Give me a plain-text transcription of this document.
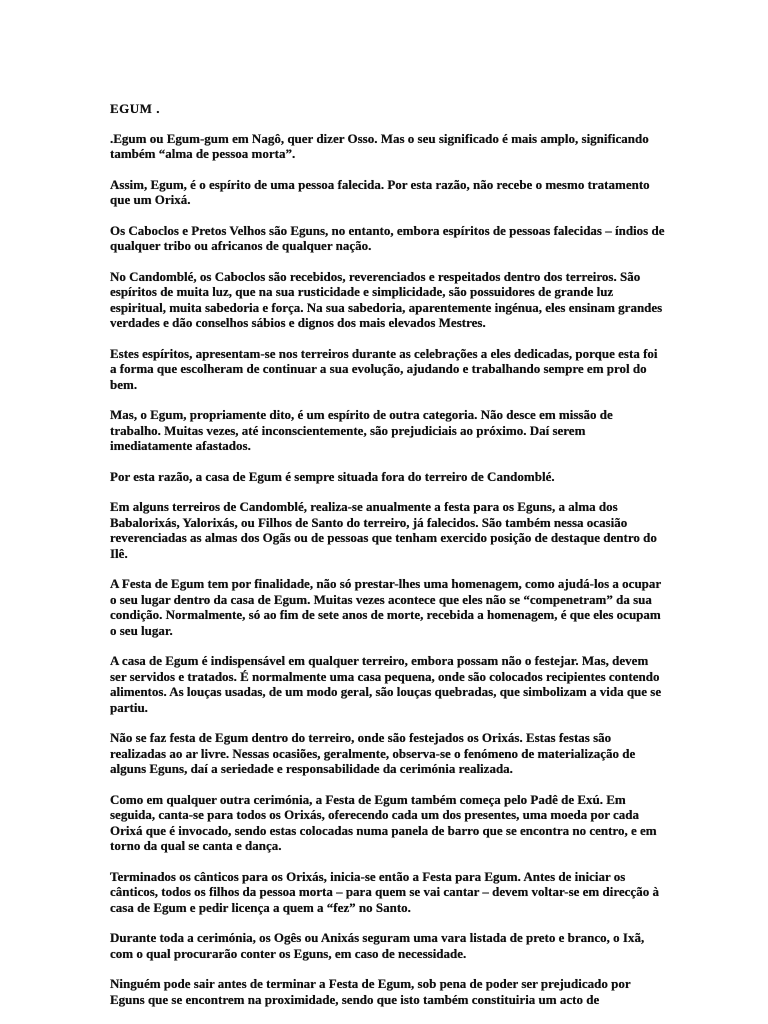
EGUM .

.Egum ou Egum-gum em Nagô, quer dizer Osso. Mas o seu significado é mais amplo, significando também “alma de pessoa morta”.

Assim, Egum, é o espírito de uma pessoa falecida. Por esta razão, não recebe o mesmo tratamento que um Orixá.

Os Caboclos e Pretos Velhos são Eguns, no entanto, embora espíritos de pessoas falecidas – índios de qualquer tribo ou africanos de qualquer nação.

No Candomblé, os Caboclos são recebidos, reverenciados e respeitados dentro dos terreiros. São espíritos de muita luz, que na sua rusticidade e simplicidade, são possuidores de grande luz espiritual, muita sabedoria e força. Na sua sabedoria, aparentemente ingénua, eles ensinam grandes verdades e dão conselhos sábios e dignos dos mais elevados Mestres.

Estes espíritos, apresentam-se nos terreiros durante as celebrações a eles dedicadas, porque esta foi a forma que escolheram de continuar a sua evolução, ajudando e trabalhando sempre em prol do bem.

Mas, o Egum, propriamente dito, é um espírito de outra categoria. Não desce em missão de trabalho. Muitas vezes, até inconscientemente, são prejudiciais ao próximo. Daí serem imediatamente afastados.

Por esta razão, a casa de Egum é sempre situada fora do terreiro de Candomblé.

Em alguns terreiros de Candomblé, realiza-se anualmente a festa para os Eguns, a alma dos Babalorixás, Yalorixás, ou Filhos de Santo do terreiro, já falecidos. São também nessa ocasião reverenciadas as almas dos Ogãs ou de pessoas que tenham exercido posição de destaque dentro do Ilê.

A Festa de Egum tem por finalidade, não só prestar-lhes uma homenagem, como ajudá-los a ocupar o seu lugar dentro da casa de Egum. Muitas vezes acontece que eles não se “compenetram” da sua condição. Normalmente, só ao fim de sete anos de morte, recebida a homenagem, é que eles ocupam o seu lugar.

A casa de Egum é indispensável em qualquer terreiro, embora possam não o festejar. Mas, devem ser servidos e tratados. É normalmente uma casa pequena, onde são colocados recipientes contendo alimentos. As louças usadas, de um modo geral, são louças quebradas, que simbolizam a vida que se partiu.

Não se faz festa de Egum dentro do terreiro, onde são festejados os Orixás. Estas festas são realizadas ao ar livre. Nessas ocasiões, geralmente, observa-se o fenómeno de materialização de alguns Eguns, daí a seriedade e responsabilidade da cerimónia realizada.

Como em qualquer outra cerimónia, a Festa de Egum também começa pelo Padê de Exú. Em seguida, canta-se para todos os Orixás, oferecendo cada um dos presentes, uma moeda por cada Orixá que é invocado, sendo estas colocadas numa panela de barro que se encontra no centro, e em torno da qual se canta e dança.

Terminados os cânticos para os Orixás, inicia-se então a Festa para Egum. Antes de iniciar os cânticos, todos os filhos da pessoa morta – para quem se vai cantar – devem voltar-se em direcção à casa de Egum e pedir licença a quem a “fez” no Santo.

Durante toda a cerimónia, os Ogês ou Anixás seguram uma vara listada de preto e branco, o Ixã, com o qual procurarão conter os Eguns, em caso de necessidade.

Ninguém pode sair antes de terminar a Festa de Egum, sob pena de poder ser prejudicado por Eguns que se encontrem na proximidade, sendo que isto também constituiria um acto de
